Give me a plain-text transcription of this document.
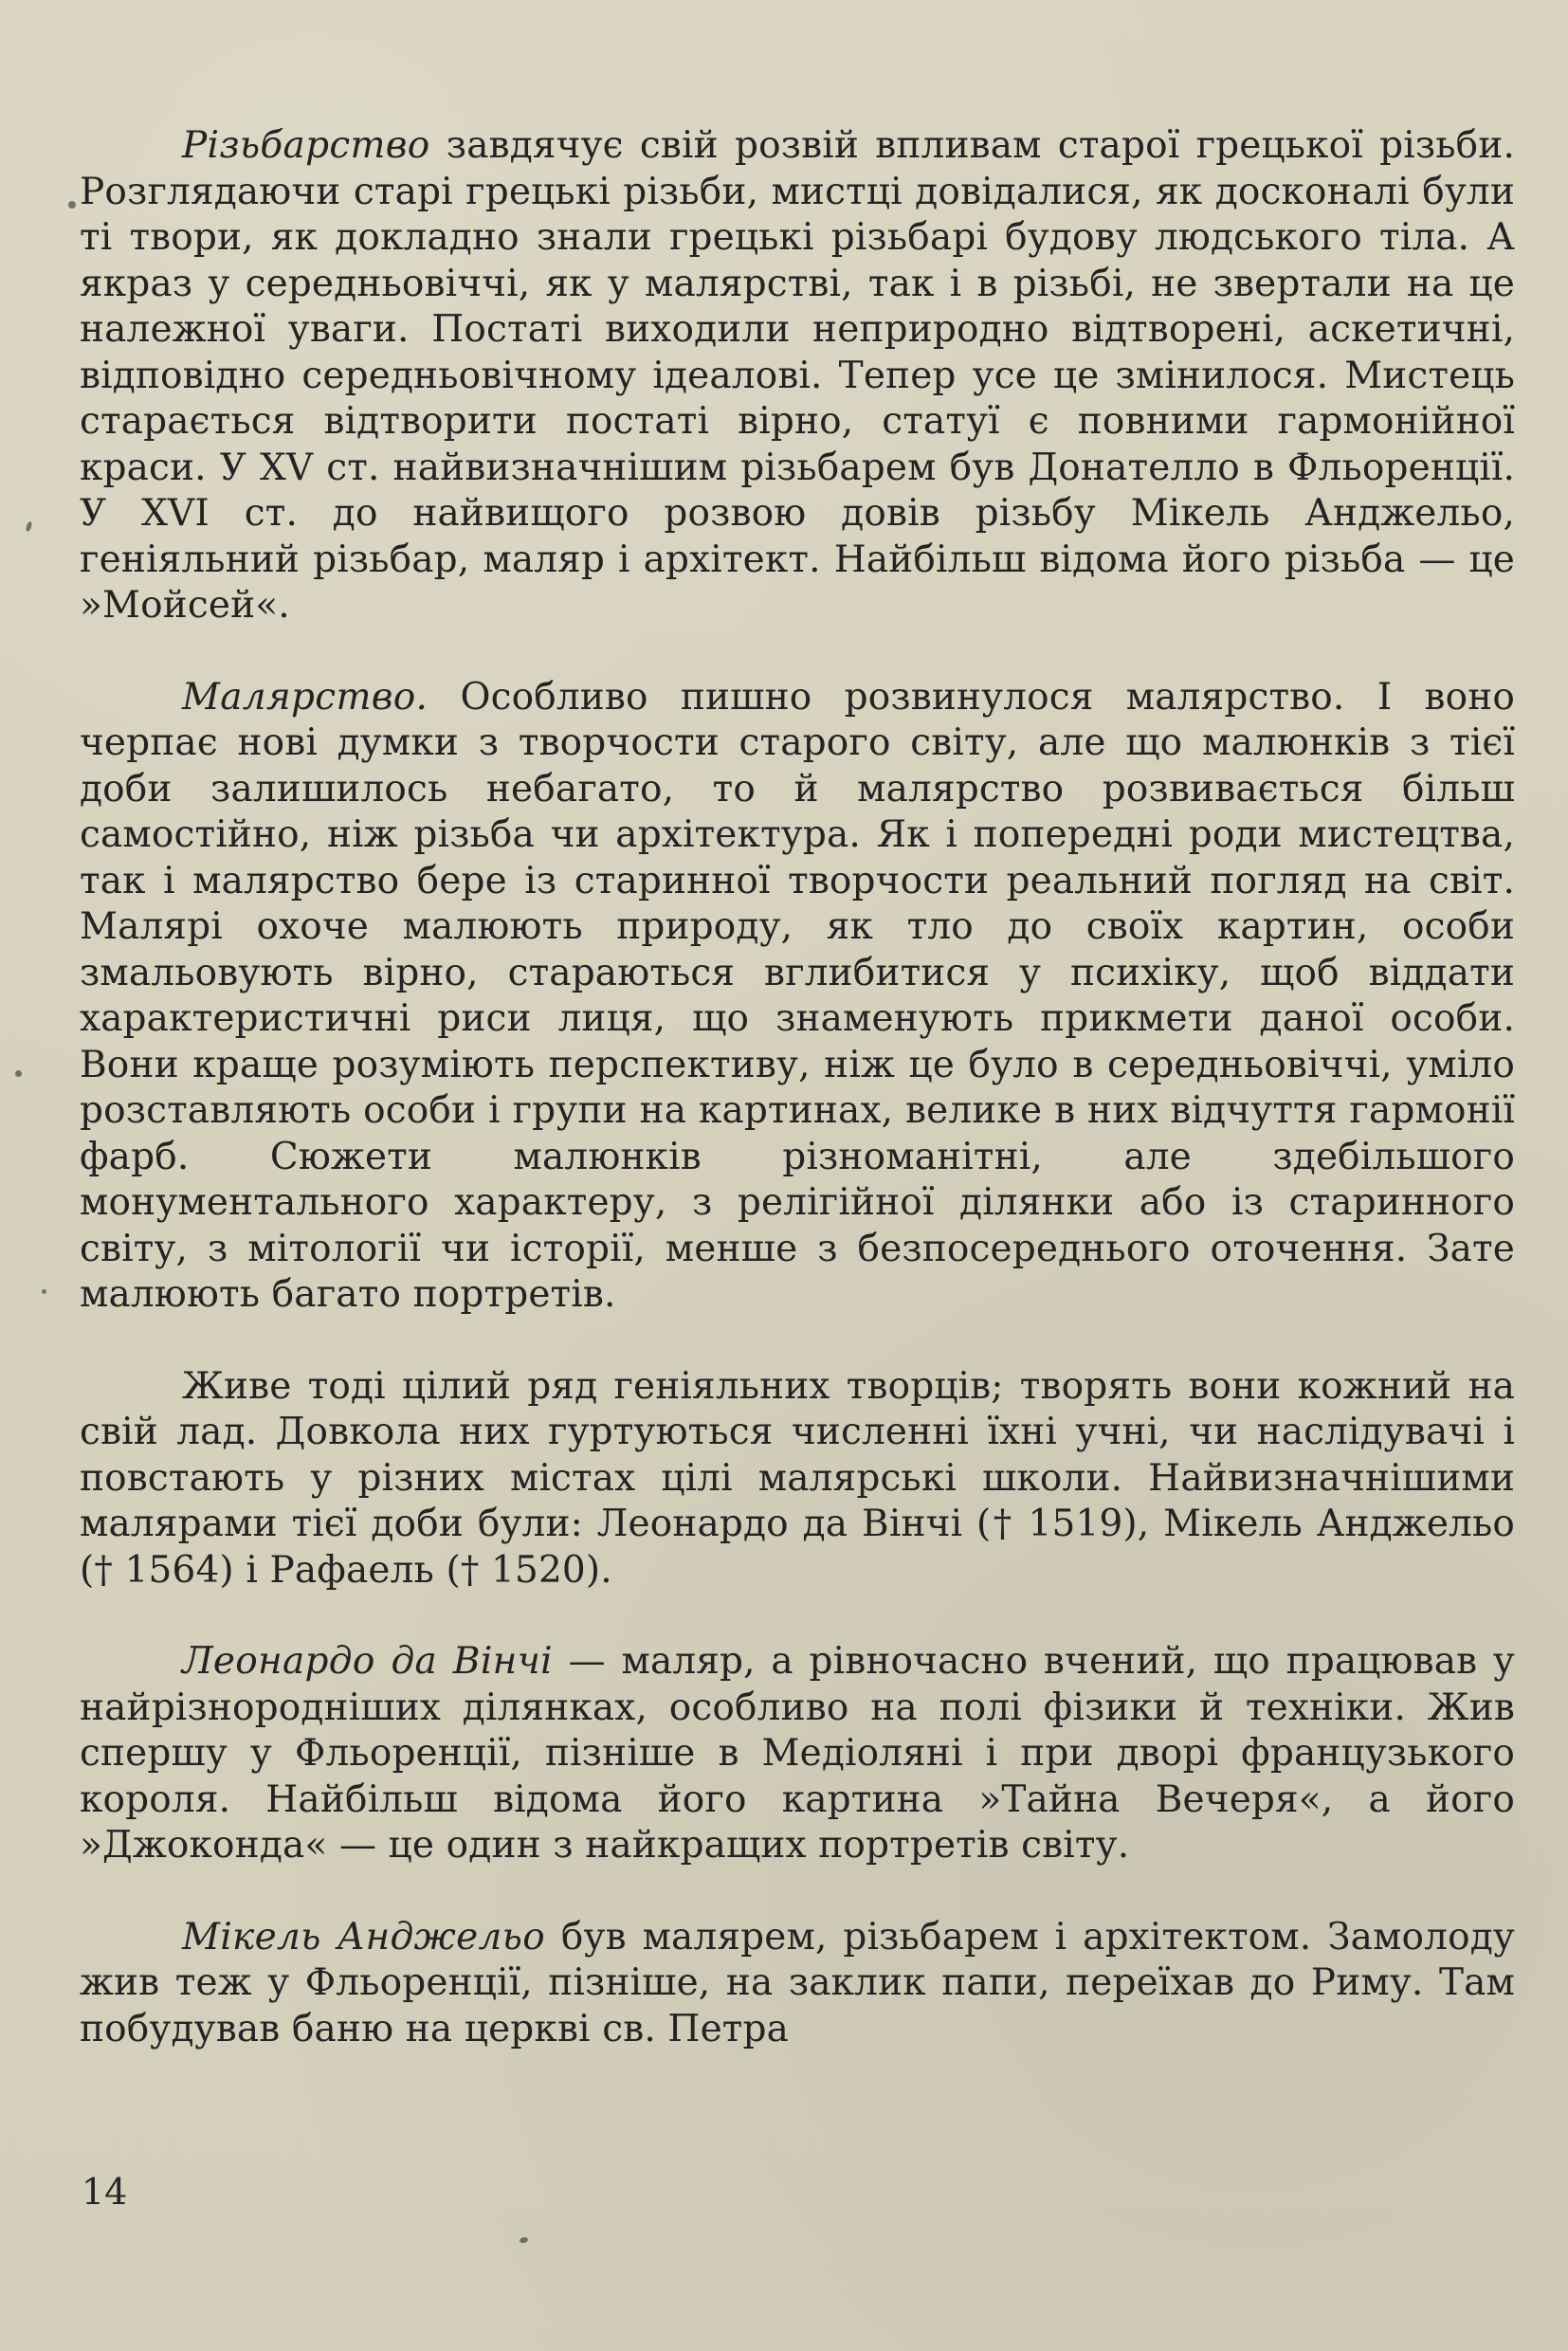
Різьбарство завдячує свій розвій впливам старої грецької різьби. Розглядаючи старі грецькі різьби, мистці довідалися, як досконалі були ті твори, як докладно знали грецькі різьбарі будову людського тіла. А якраз у середньовіччі, як у малярстві, так і в різьбі, не звертали на це належної уваги. Постаті виходили неприродно відтворені, аскетичні, відповідно середньовічному ідеалові. Тепер усе це змінилося. Мистець старається відтворити постаті вірно, статуї є повними гармонійної краси. У XV ст. найвизначнішим різьбарем був Донателло в Фльоренції. У XVI ст. до найвищого розвою довів різьбу Мікель Анджельо, геніяльний різьбар, маляр і архітект. Найбільш відома його різьба — це »Мойсей«.

Малярство. Особливо пишно розвинулося малярство. І воно черпає нові думки з творчости старого світу, але що малюнків з тієї доби залишилось небагато, то й малярство розвивається більш самостійно, ніж різьба чи архітектура. Як і попередні роди мистецтва, так і малярство бере із старинної творчости реальний погляд на світ. Малярі охоче малюють природу, як тло до своїх картин, особи змальовують вірно, стараються вглибитися у психіку, щоб віддати характеристичні риси лиця, що знаменують прикмети даної особи. Вони краще розуміють перспективу, ніж це було в середньовіччі, уміло розставляють особи і групи на картинах, велике в них відчуття гармонії фарб. Сюжети малюнків різноманітні, але здебільшого монументального характеру, з релігійної ділянки або із старинного світу, з мітології чи історії, менше з безпосереднього оточення. Зате малюють багато портретів.

Живе тоді цілий ряд геніяльних творців; творять вони кожний на свій лад. Довкола них гуртуються численні їхні учні, чи наслідувачі і повстають у різних містах цілі малярські школи. Найвизначнішими малярами тієї доби були: Леонардо да Вінчі († 1519), Мікель Анджельо († 1564) і Рафаель († 1520).

Леонардо да Вінчі — маляр, а рівночасно вчений, що працював у найрізнородніших ділянках, особливо на полі фізики й техніки. Жив спершу у Фльоренції, пізніше в Медіоляні і при дворі французького короля. Найбільш відома його картина »Тайна Вечеря«, а його »Джоконда« — це один з найкращих портретів світу.

Мікель Анджельо був малярем, різьбарем і архітектом. Замолоду жив теж у Фльоренції, пізніше, на заклик папи, переїхав до Риму. Там побудував баню на церкві св. Петра

14
